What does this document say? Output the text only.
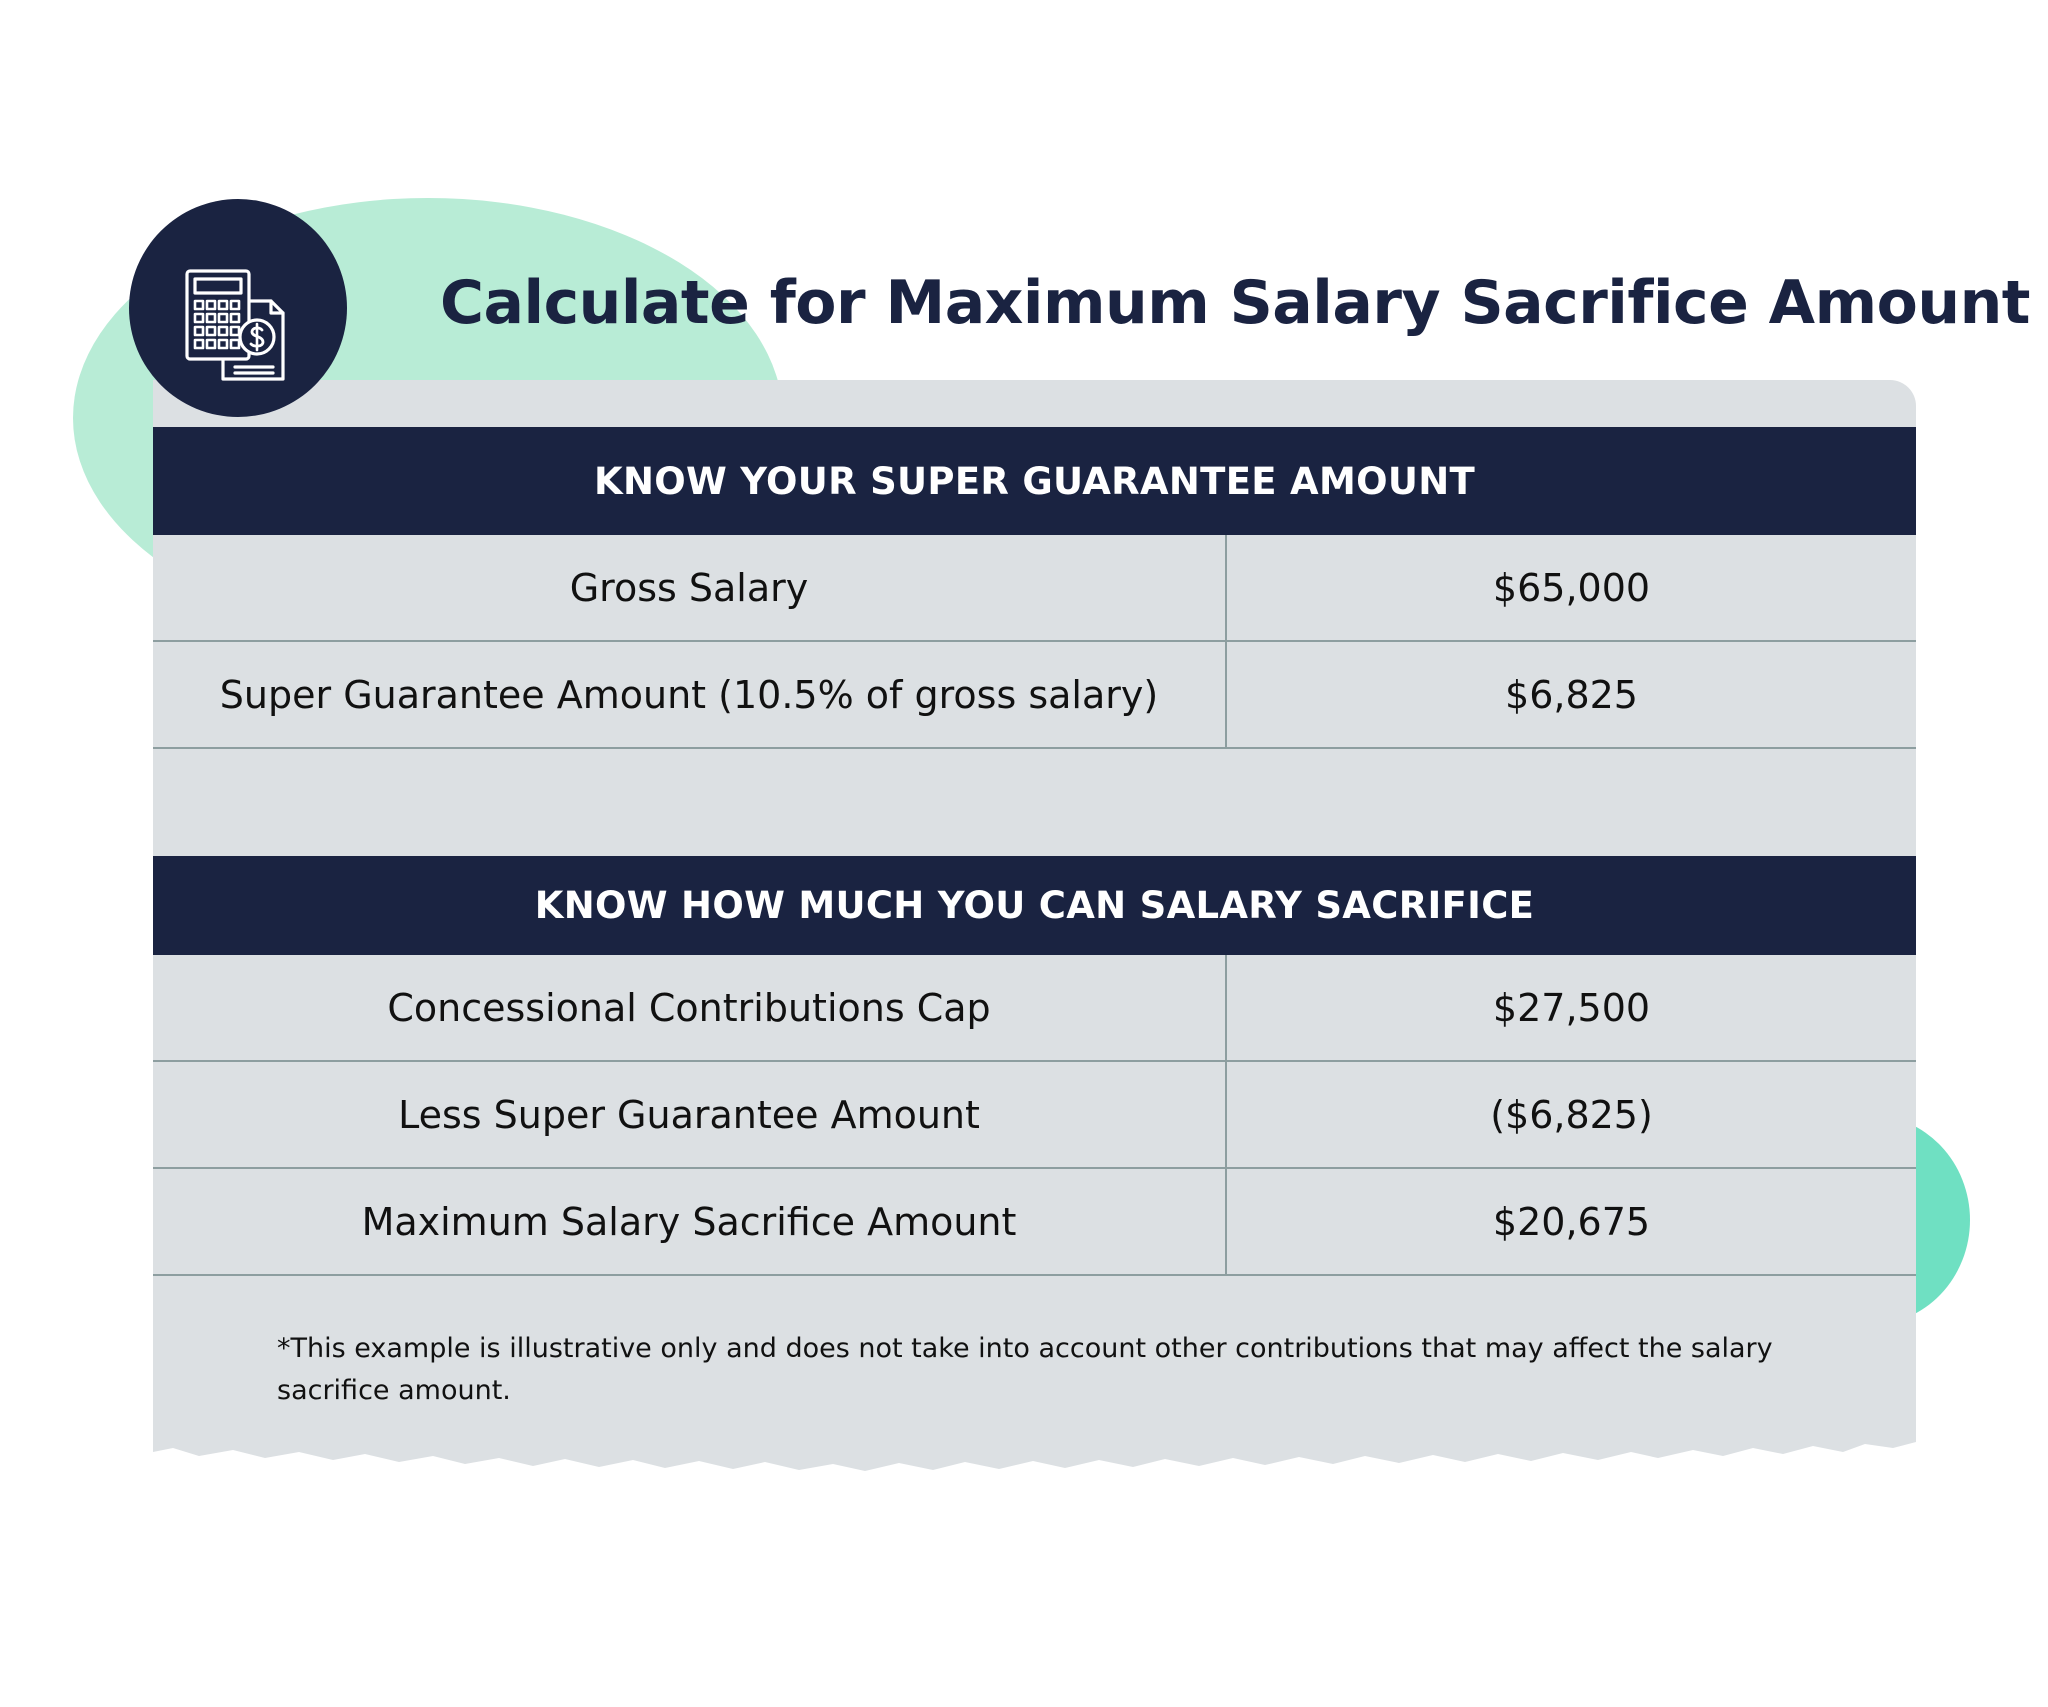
Calculate for Maximum Salary Sacrifice Amount
KNOW YOUR SUPER GUARANTEE AMOUNT
Gross Salary	$65,000
Super Guarantee Amount (10.5% of gross salary)	$6,825
KNOW HOW MUCH YOU CAN SALARY SACRIFICE
Concessional Contributions Cap	$27,500
Less Super Guarantee Amount	($6,825)
Maximum Salary Sacrifice Amount	$20,675
*This example is illustrative only and does not take into account other contributions that may affect the salary sacrifice amount.
